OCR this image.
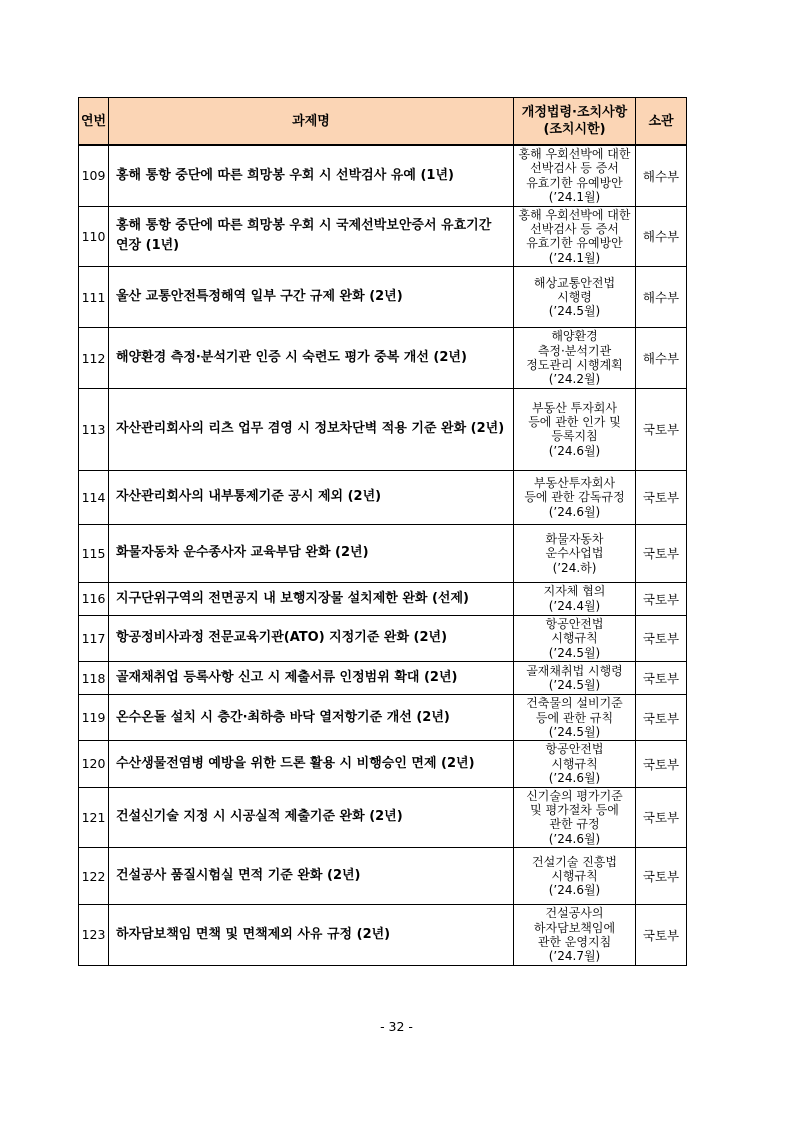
연번	과제명	개정법령·조치사항
(조치시한)	소관
109	홍해 통항 중단에 따른 희망봉 우회 시 선박검사 유예 (1년)	홍해 우회선박에 대한
선박검사 등 증서
유효기한 유예방안
(’24.1월)	해수부
110	홍해 통항 중단에 따른 희망봉 우회 시 국제선박보안증서 유효기간 연장 (1년)	홍해 우회선박에 대한
선박검사 등 증서
유효기한 유예방안
(’24.1월)	해수부
111	울산 교통안전특정해역 일부 구간 규제 완화 (2년)	해상교통안전법
시행령
(’24.5월)	해수부
112	해양환경 측정·분석기관 인증 시 숙련도 평가 중복 개선 (2년)	해양환경
측정·분석기관
정도관리 시행계획
(’24.2월)	해수부
113	자산관리회사의 리츠 업무 겸영 시 정보차단벽 적용 기준 완화 (2년)	부동산 투자회사
등에 관한 인가 및
등록지침
(’24.6월)	국토부
114	자산관리회사의 내부통제기준 공시 제외 (2년)	부동산투자회사
등에 관한 감독규정
(’24.6월)	국토부
115	화물자동차 운수종사자 교육부담 완화 (2년)	화물자동차
운수사업법
(’24.하)	국토부
116	지구단위구역의 전면공지 내 보행지장물 설치제한 완화 (선제)	지자체 협의
(’24.4월)	국토부
117	항공정비사과정 전문교육기관(ATO) 지정기준 완화 (2년)	항공안전법
시행규칙
(’24.5월)	국토부
118	골재채취업 등록사항 신고 시 제출서류 인정범위 확대 (2년)	골재채취법 시행령
(’24.5월)	국토부
119	온수온돌 설치 시 층간·최하층 바닥 열저항기준 개선 (2년)	건축물의 설비기준
등에 관한 규칙
(’24.5월)	국토부
120	수산생물전염병 예방을 위한 드론 활용 시 비행승인 면제 (2년)	항공안전법
시행규칙
(’24.6월)	국토부
121	건설신기술 지정 시 시공실적 제출기준 완화 (2년)	신기술의 평가기준
및 평가절차 등에
관한 규정
(’24.6월)	국토부
122	건설공사 품질시험실 면적 기준 완화 (2년)	건설기술 진흥법
시행규칙
(’24.6월)	국토부
123	하자담보책임 면책 및 면책제외 사유 규정 (2년)	건설공사의
하자담보책임에
관한 운영지침
(’24.7월)	국토부
- 32 -
